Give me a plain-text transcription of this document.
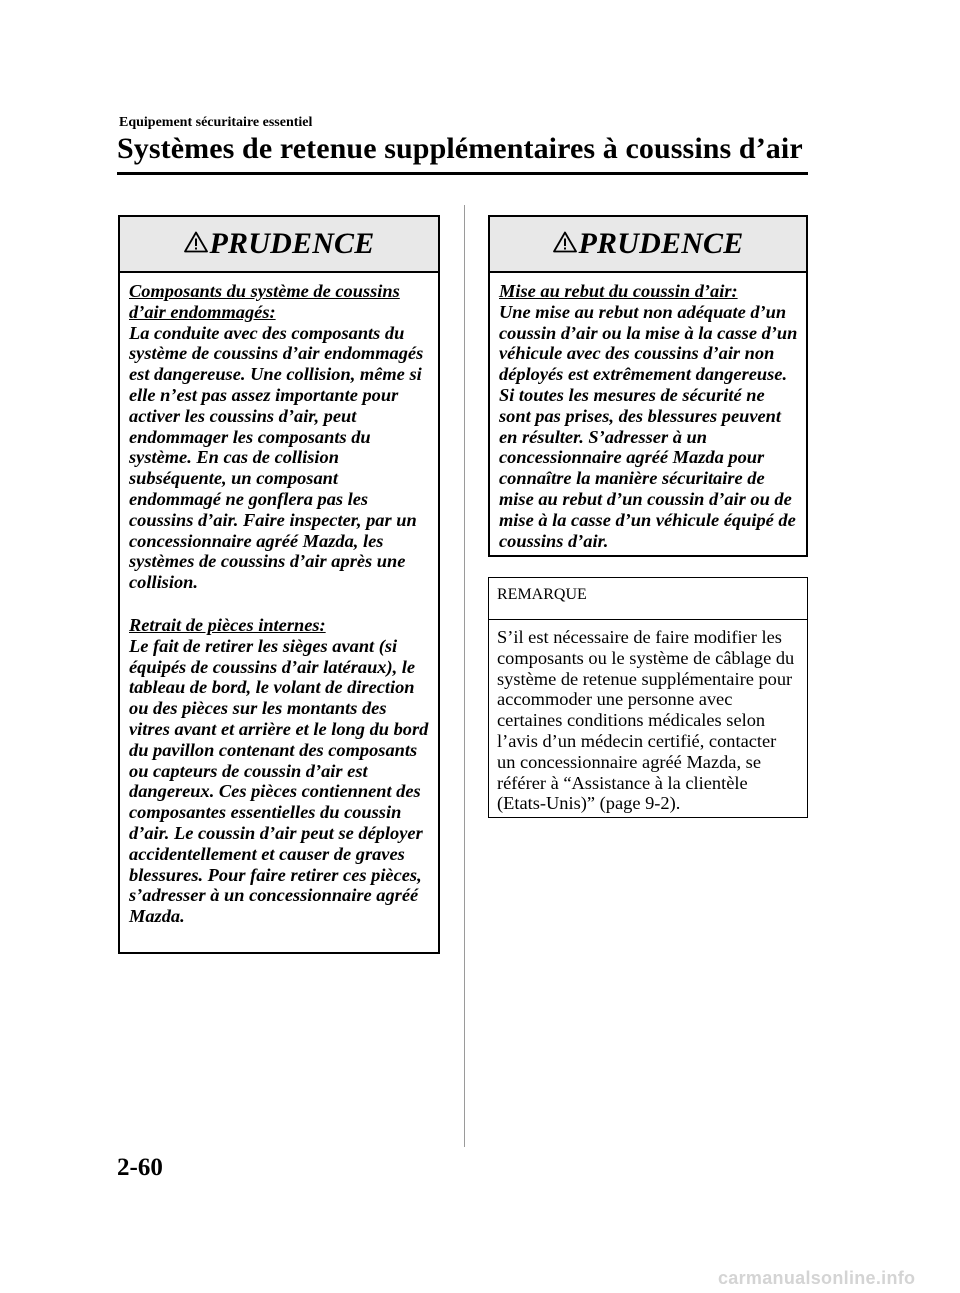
Equipement sécuritaire essentiel
Systèmes de retenue supplémentaires à coussins d’air
PRUDENCE

Composants du système de coussins d’air endommagés:

La conduite avec des composants du système de coussins d’air endommagés est dangereuse. Une collision, même si elle n’est pas assez importante pour activer les coussins d’air, peut endommager les composants du système. En cas de collision subséquente, un composant endommagé ne gonflera pas les coussins d’air. Faire inspecter, par un concessionnaire agréé Mazda, les systèmes de coussins d’air après une collision.

Retrait de pièces internes:

Le fait de retirer les sièges avant (si équipés de coussins d’air latéraux), le tableau de bord, le volant de direction ou des pièces sur les montants des vitres avant et arrière et le long du bord du pavillon contenant des composants ou capteurs de coussin d’air est dangereux. Ces pièces contiennent des composantes essentielles du coussin d’air. Le coussin d’air peut se déployer accidentellement et causer de graves blessures. Pour faire retirer ces pièces, s’adresser à un concessionnaire agréé Mazda.

PRUDENCE

Mise au rebut du coussin d’air:

Une mise au rebut non adéquate d’un coussin d’air ou la mise à la casse d’un véhicule avec des coussins d’air non déployés est extrêmement dangereuse. Si toutes les mesures de sécurité ne sont pas prises, des blessures peuvent en résulter. S’adresser à un concessionnaire agréé Mazda pour connaître la manière sécuritaire de mise au rebut d’un coussin d’air ou de mise à la casse d’un véhicule équipé de coussins d’air.

REMARQUE
S’il est nécessaire de faire modifier les composants ou le système de câblage du système de retenue supplémentaire pour accommoder une personne avec certaines conditions médicales selon l’avis d’un médecin certifié, contacter un concessionnaire agréé Mazda, se référer à “Assistance à la clientèle (Etats-Unis)” (page 9-2).
2-60
carmanualsonline.info
